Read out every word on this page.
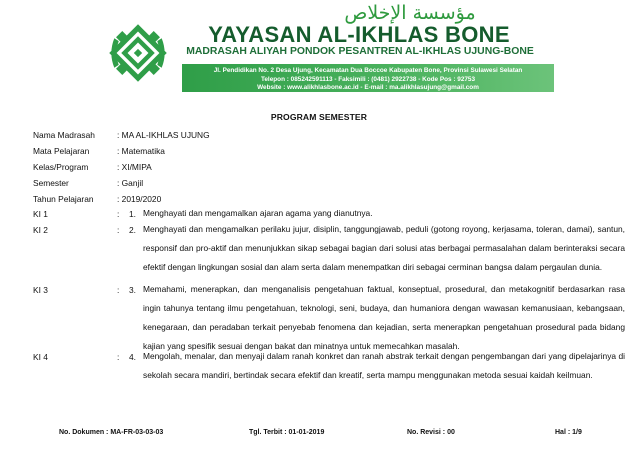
مؤسسة الإخلاص
YAYASAN AL-IKHLAS BONE
MADRASAH ALIYAH PONDOK PESANTREN AL-IKHLAS UJUNG-BONE
Jl. Pendidikan No. 2 Desa Ujung, Kecamatan Dua Boccoe Kabupaten Bone, Provinsi Sulawesi Selatan
Telepon : 085242591113 - Faksimili : (0481) 2922738 - Kode Pos : 92753
Website : www.alikhlasbone.ac.id - E-mail : ma.alikhlasujung@gmail.com
PROGRAM SEMESTER
Nama Madrasah	: MA AL-IKHLAS UJUNG
Mata Pelajaran	: Matematika
Kelas/Program	: XI/MIPA
Semester	: Ganjil
Tahun Pelajaran	: 2019/2020
KI 1	: 1. Menghayati dan mengamalkan ajaran agama yang dianutnya.
KI 2	: 2. Menghayati dan mengamalkan perilaku jujur, disiplin, tanggungjawab, peduli (gotong royong, kerjasama, toleran, damai), santun, responsif dan pro-aktif dan menunjukkan sikap sebagai bagian dari solusi atas berbagai permasalahan dalam berinteraksi secara efektif dengan lingkungan sosial dan alam serta dalam menempatkan diri sebagai cerminan bangsa dalam pergaulan dunia.
KI 3	: 3. Memahami, menerapkan, dan menganalisis pengetahuan faktual, konseptual, prosedural, dan metakognitif berdasarkan rasa ingin tahunya tentang ilmu pengetahuan, teknologi, seni, budaya, dan humaniora dengan wawasan kemanusiaan, kebangsaan, kenegaraan, dan peradaban terkait penyebab fenomena dan kejadian, serta menerapkan pengetahuan prosedural pada bidang kajian yang spesifik sesuai dengan bakat dan minatnya untuk memecahkan masalah.
KI 4	: 4. Mengolah, menalar, dan menyaji dalam ranah konkret dan ranah abstrak terkait dengan pengembangan dari yang dipelajarinya di sekolah secara mandiri, bertindak secara efektif dan kreatif, serta mampu menggunakan metoda sesuai kaidah keilmuan.
No. Dokumen : MA-FR-03-03-03	Tgl. Terbit : 01-01-2019	No. Revisi : 00	Hal : 1/9
